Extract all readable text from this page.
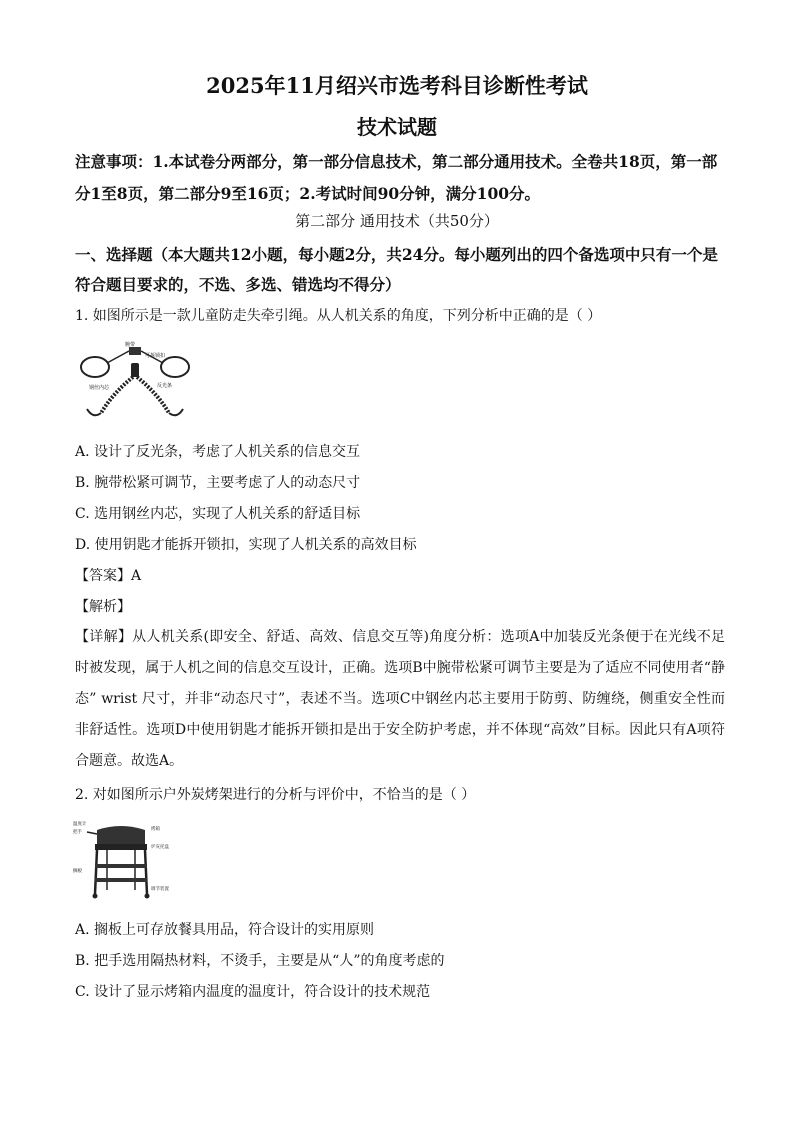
2025年11月绍兴市选考科目诊断性考试
技术试题
注意事项：1.本试卷分两部分，第一部分信息技术，第二部分通用技术。全卷共18页，第一部分1至8页，第二部分9至16页；2.考试时间90分钟，满分100分。
第二部分 通用技术（共50分）
一、选择题（本大题共12小题，每小题2分，共24分。每小题列出的四个备选项中只有一个是符合题目要求的，不选、多选、错选均不得分）
1. 如图所示是一款儿童防走失牵引绳。从人机关系的角度，下列分析中正确的是（ ）
腕带
可拆锁扣
钢丝内芯	反光条
A. 设计了反光条，考虑了人机关系的信息交互
B. 腕带松紧可调节，主要考虑了人的动态尺寸
C. 选用钢丝内芯，实现了人机关系的舒适目标
D. 使用钥匙才能拆开锁扣，实现了人机关系的高效目标
【答案】A
【解析】
【详解】从人机关系(即安全、舒适、高效、信息交互等)角度分析：选项A中加装反光条便于在光线不足时被发现，属于人机之间的信息交互设计，正确。选项B中腕带松紧可调节主要是为了适应不同使用者“静态” wrist 尺寸，并非“动态尺寸”，表述不当。选项C中钢丝内芯主要用于防剪、防缠绕，侧重安全性而非舒适性。选项D中使用钥匙才能拆开锁扣是出于安全防护考虑，并不体现“高效”目标。因此只有A项符合题意。故选A。
2. 对如图所示户外炭烤架进行的分析与评价中，不恰当的是（ ）
温度计
把手
烤箱
炉灰托盘
搁板
调节装置
A. 搁板上可存放餐具用品，符合设计的实用原则
B. 把手选用隔热材料，不烫手，主要是从“人”的角度考虑的
C. 设计了显示烤箱内温度的温度计，符合设计的技术规范
